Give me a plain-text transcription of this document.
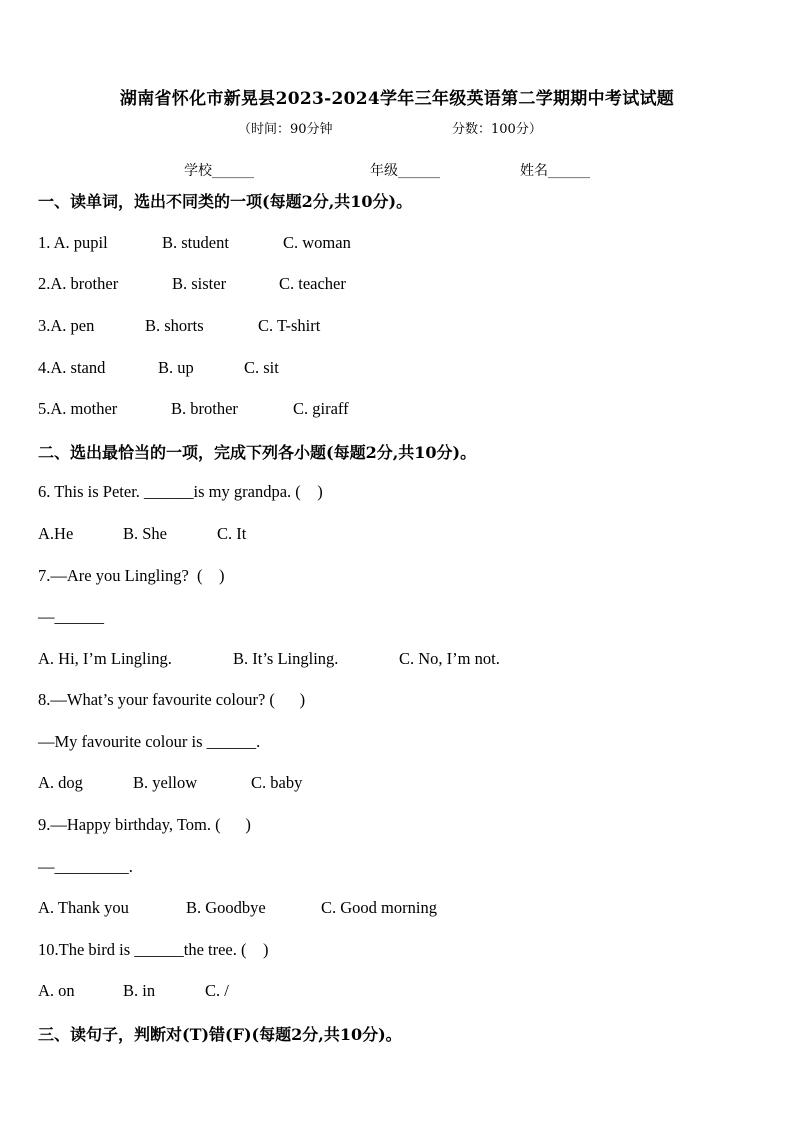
湖南省怀化市新晃县2023-2024学年三年级英语第二学期期中考试试题
（时间：90分钟	分数：100分）
学校______	年级______	姓名______
一、读单词，选出不同类的一项(每题2分,共10分)。
1. A. pupil	B. student	C. woman
2.A. brother	B. sister	C. teacher
3.A. pen	B. shorts	C. T-shirt
4.A. stand	B. up	C. sit
5.A. mother	B. brother	C. giraff
二、选出最恰当的一项，完成下列各小题(每题2分,共10分)。
6. This is Peter. ______is my grandpa. (    )
A.He	B. She	C. It
7.—Are you Lingling?  (    )
—______
A. Hi, I’m Lingling.	B. It’s Lingling.	C. No, I’m not.
8.—What’s your favourite colour? (      )
—My favourite colour is ______.
A. dog	B. yellow	C. baby
9.—Happy birthday, Tom. (      )
—_________.
A. Thank you	B. Goodbye	C. Good morning
10.The bird is ______the tree. (    )
A. on	B. in	C. /
三、读句子，判断对(T)错(F)(每题2分,共10分)。
